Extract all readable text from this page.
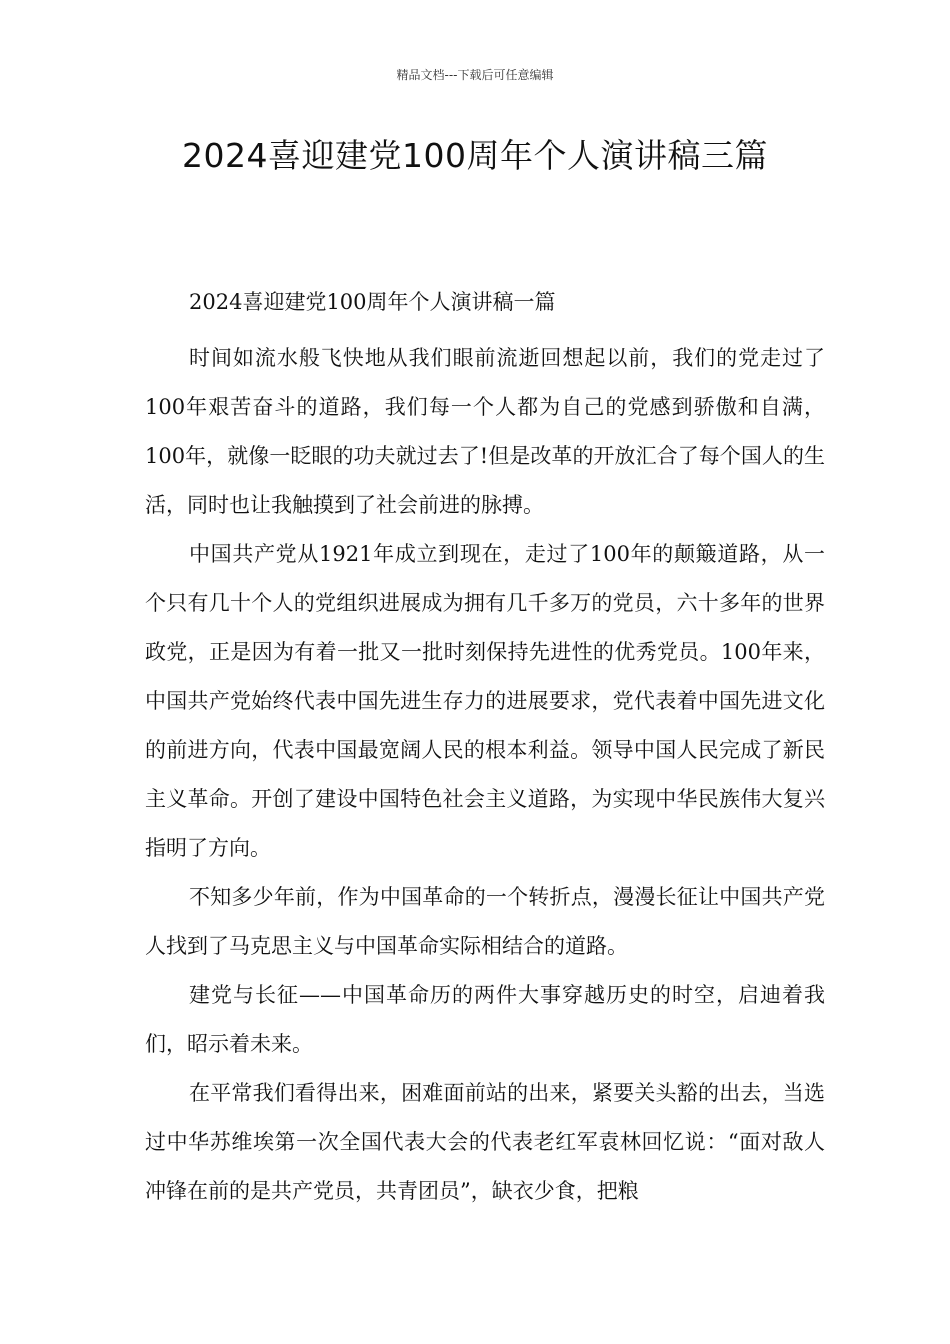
精品文档---下载后可任意编辑
2024喜迎建党100周年个人演讲稿三篇

2024喜迎建党100周年个人演讲稿一篇

时间如流水般飞快地从我们眼前流逝回想起以前，我们的党走过了100年艰苦奋斗的道路，我们每一个人都为自己的党感到骄傲和自满，100年，就像一眨眼的功夫就过去了!但是改革的开放汇合了每个国人的生活，同时也让我触摸到了社会前进的脉搏。

中国共产党从1921年成立到现在，走过了100年的颠簸道路，从一个只有几十个人的党组织进展成为拥有几千多万的党员，六十多年的世界政党，正是因为有着一批又一批时刻保持先进性的优秀党员。100年来，中国共产党始终代表中国先进生存力的进展要求，党代表着中国先进文化的前进方向，代表中国最宽阔人民的根本利益。领导中国人民完成了新民主义革命。开创了建设中国特色社会主义道路，为实现中华民族伟大复兴指明了方向。

不知多少年前，作为中国革命的一个转折点，漫漫长征让中国共产党人找到了马克思主义与中国革命实际相结合的道路。

建党与长征——中国革命历的两件大事穿越历史的时空，启迪着我们，昭示着未来。

在平常我们看得出来，困难面前站的出来，紧要关头豁的出去，当选过中华苏维埃第一次全国代表大会的代表老红军袁林回忆说：“面对敌人冲锋在前的是共产党员，共青团员”，缺衣少食，把粮
